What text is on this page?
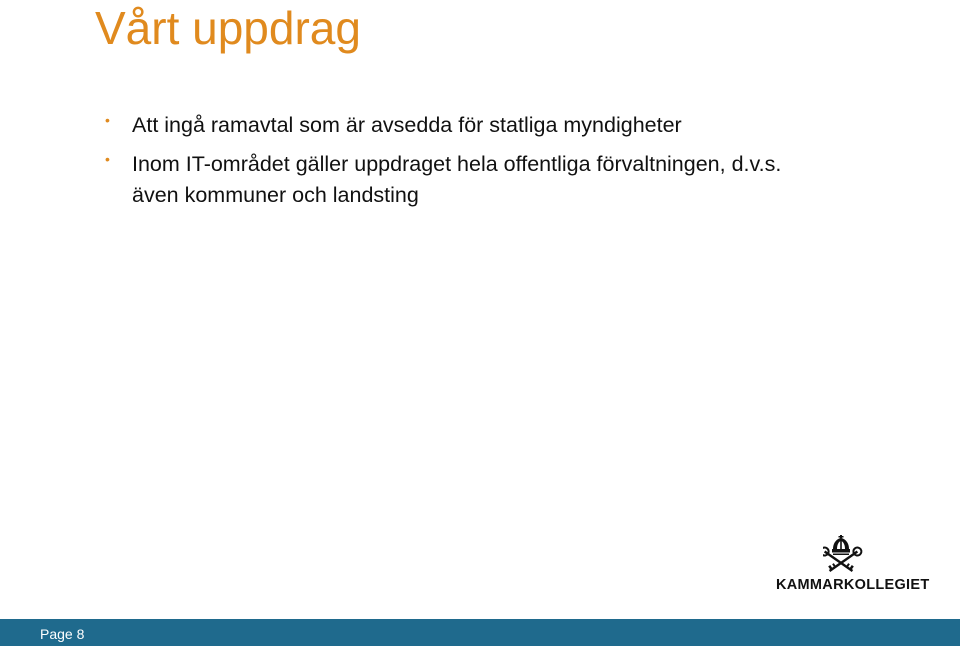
Vårt uppdrag
• Att ingå ramavtal som är avsedda för statliga myndigheter
• Inom IT-området gäller uppdraget hela offentliga förvaltningen, d.v.s. även kommuner och landsting
KAMMARKOLLEGIET
Page 8
